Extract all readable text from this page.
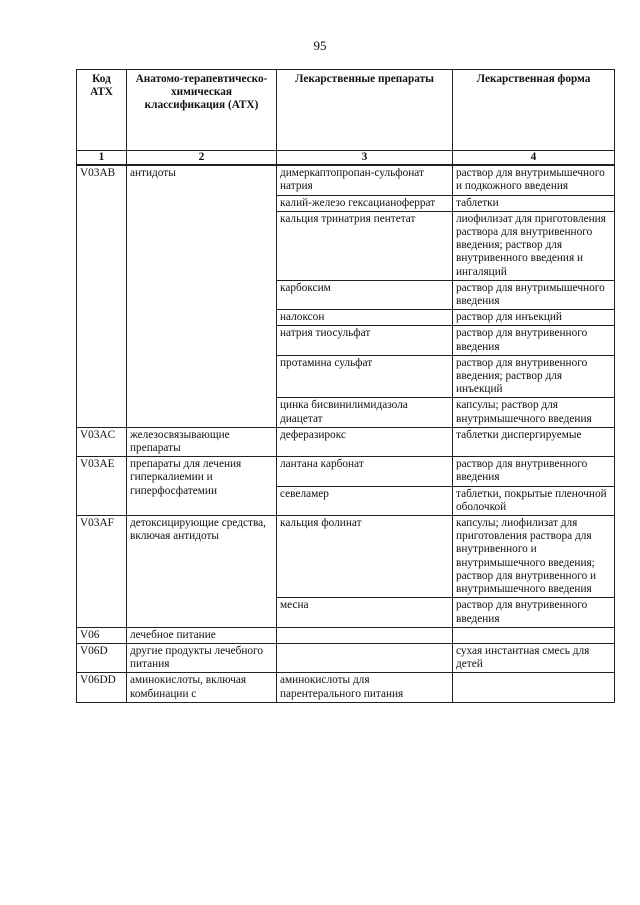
95
Код АТХ	Анатомо-терапевтическо-химическая классификация (АТХ)	Лекарственные препараты	Лекарственная форма
1	2	3	4
V03AB	антидоты	димеркаптопропан-сульфонат натрия	раствор для внутримышечного и подкожного введения
		калий-железо гексацианоферрат	таблетки
		кальция тринатрия пентетат	лиофилизат для приготовления раствора для внутривенного введения; раствор для внутривенного введения и ингаляций
		карбоксим	раствор для внутримышечного введения
		налоксон	раствор для инъекций
		натрия тиосульфат	раствор для внутривенного введения
		протамина сульфат	раствор для внутривенного введения; раствор для инъекций
		цинка бисвинилимидазола диацетат	капсулы; раствор для внутримышечного введения
V03AC	железосвязывающие препараты	деферазирокс	таблетки диспергируемые
V03AE	препараты для лечения гиперкалиемии и гиперфосфатемии	лантана карбонат	раствор для внутривенного введения
		севеламер	таблетки, покрытые пленочной оболочкой
V03AF	детоксицирующие средства, включая антидоты	кальция фолинат	капсулы; лиофилизат для приготовления раствора для внутривенного и внутримышечного введения; раствор для внутривенного и внутримышечного введения
		месна	раствор для внутривенного введения
V06	лечебное питание		
V06D	другие продукты лечебного питания		сухая инстантная смесь для детей
V06DD	аминокислоты, включая комбинации с	аминокислоты для парентерального питания	
